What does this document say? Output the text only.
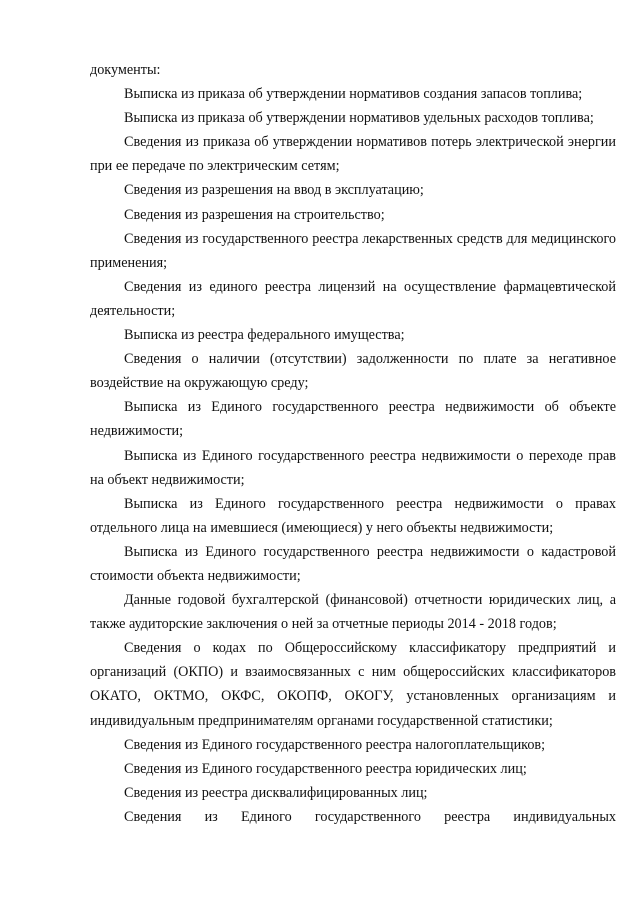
документы:

Выписка из приказа об утверждении нормативов создания запасов топлива;

Выписка из приказа об утверждении нормативов удельных расходов топлива;

Сведения из приказа об утверждении нормативов потерь электрической энергии при ее передаче по электрическим сетям;

Сведения из разрешения на ввод в эксплуатацию;

Сведения из разрешения на строительство;

Сведения из государственного реестра лекарственных средств для медицинского применения;

Сведения из единого реестра лицензий на осуществление фармацевтической деятельности;

Выписка из реестра федерального имущества;

Сведения о наличии (отсутствии) задолженности по плате за негативное воздействие на окружающую среду;

Выписка из Единого государственного реестра недвижимости об объекте недвижимости;

Выписка из Единого государственного реестра недвижимости о переходе прав на объект недвижимости;

Выписка из Единого государственного реестра недвижимости о правах отдельного лица на имевшиеся (имеющиеся) у него объекты недвижимости;

Выписка из Единого государственного реестра недвижимости о кадастровой стоимости объекта недвижимости;

Данные годовой бухгалтерской (финансовой) отчетности юридических лиц, а также аудиторские заключения о ней за отчетные периоды 2014 - 2018 годов;

Сведения о кодах по Общероссийскому классификатору предприятий и организаций (ОКПО) и взаимосвязанных с ним общероссийских классификаторов ОКАТО, ОКТМО, ОКФС, ОКОПФ, ОКОГУ, установленных организациям и индивидуальным предпринимателям органами государственной статистики;

Сведения из Единого государственного реестра налогоплательщиков;

Сведения из Единого государственного реестра юридических лиц;

Сведения из реестра дисквалифицированных лиц;

Сведения из Единого государственного реестра индивидуальных
